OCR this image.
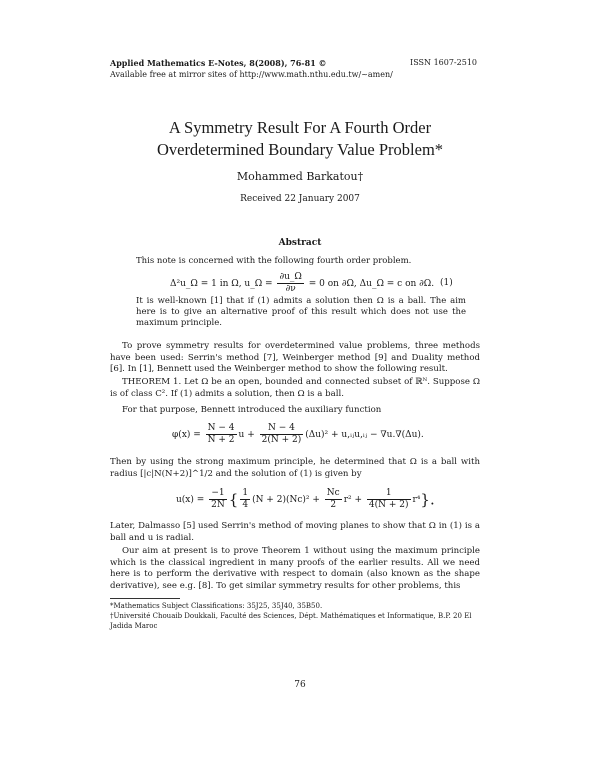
Applied Mathematics E-Notes, 8(2008), 76-81 ©
Available free at mirror sites of http://www.math.nthu.edu.tw/~amen/
ISSN 1607-2510
A Symmetry Result For A Fourth Order
Overdetermined Boundary Value Problem*
Mohammed Barkatou†
Received 22 January 2007
Abstract
This note is concerned with the following fourth order problem.
Δ²u_Ω = 1 in Ω, u_Ω = $\frac{\partial u\_\Omega}{\partial\nu} = 0$ on ∂Ω, Δu_Ω = c on ∂Ω. (1)
It is well-known [1] that if (1) admits a solution then Ω is a ball. The aim here is to give an alternative proof of this result which does not use the maximum principle.
To prove symmetry results for overdetermined value problems, three methods have been used: Serrin's method [7], Weinberger method [9] and Duality method [6]. In [1], Bennett used the Weinberger method to show the following result.
THEOREM 1. Let Ω be an open, bounded and connected subset of ℝᴺ. Suppose Ω is of class C². If (1) admits a solution, then Ω is a ball.
For that purpose, Bennett introduced the auxiliary function
$\varphi(x) = \frac{N - 4}{N + 2}$ $u + \frac{N - 4}{2(N + 2)} (\Delta u)^2$ + u,ᵢⱼu,ᵢⱼ − ∇u.∇(Δu).
Then by using the strong maximum principle, he determined that Ω is a ball with radius [|c|N(N+2)]^1/2 and the solution of (1) is given by
$u(x) = \frac{-1}{2N}$ { $\frac{1}{4} (N + 2)(Nc)^2 + \frac{Nc}{2} r^2 + \frac{1}{4(N + 2)} r^4$}.
Later, Dalmasso [5] used Serrin's method of moving planes to show that Ω in (1) is a ball and u is radial.
Our aim at present is to prove Theorem 1 without using the maximum principle which is the classical ingredient in many proofs of the earlier results. All we need here is to perform the derivative with respect to domain (also known as the shape derivative), see e.g. [8]. To get similar symmetry results for other problems, this
*Mathematics Subject Classifications: 35J25, 35J40, 35B50.
†Université Chouaib Doukkali, Faculté des Sciences, Dépt. Mathématiques et Informatique, B.P. 20 El Jadida Maroc
76
